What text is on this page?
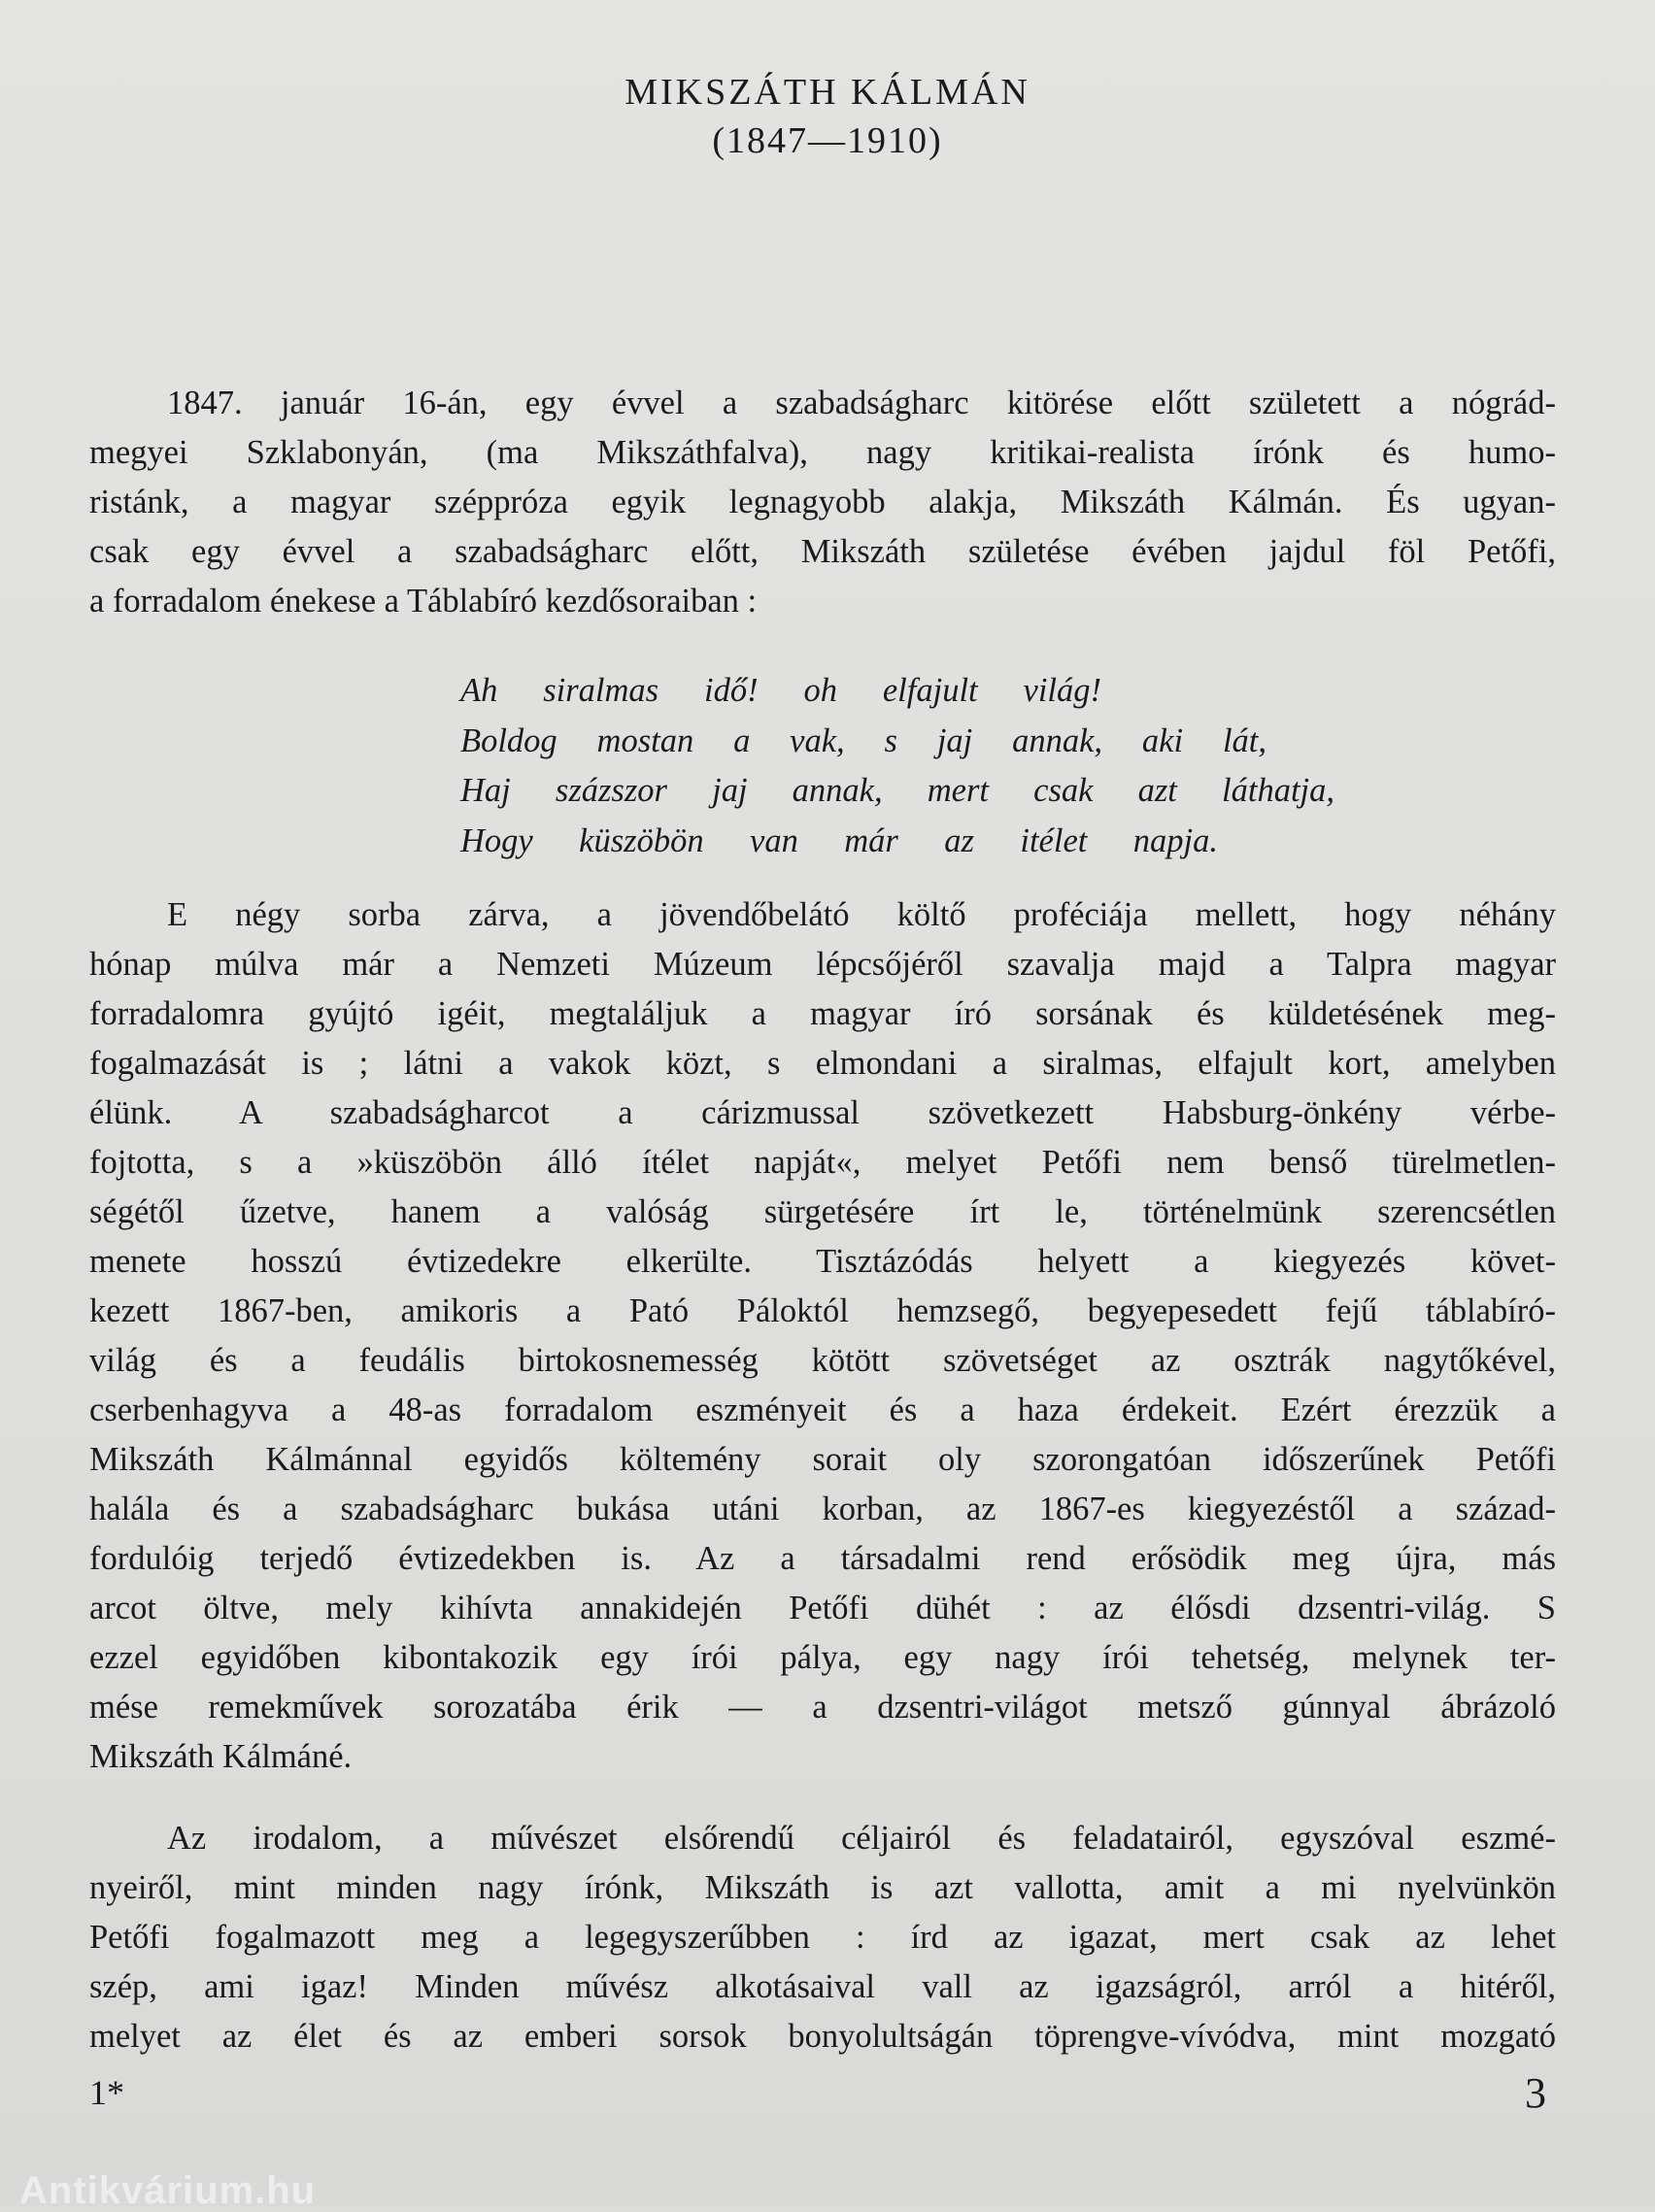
MIKSZÁTH KÁLMÁN
(1847—1910)
1847. január 16-án, egy évvel a szabadságharc kitörése előtt született a nógrád-
megyei Szklabonyán, (ma Mikszáthfalva), nagy kritikai-realista írónk és humo-
ristánk, a magyar széppróza egyik legnagyobb alakja, Mikszáth Kálmán. És ugyan-
csak egy évvel a szabadságharc előtt, Mikszáth születése évében jajdul föl Petőfi,
a forradalom énekese a Táblabíró kezdősoraiban :
Ah siralmas idő! oh elfajult világ!
Boldog mostan a vak, s jaj annak, aki lát,
Haj százszor jaj annak, mert csak azt láthatja,
Hogy küszöbön van már az itélet napja.
E négy sorba zárva, a jövendőbelátó költő proféciája mellett, hogy néhány
hónap múlva már a Nemzeti Múzeum lépcsőjéről szavalja majd a Talpra magyar
forradalomra gyújtó igéit, megtaláljuk a magyar író sorsának és küldetésének meg-
fogalmazását is ; látni a vakok közt, s elmondani a siralmas, elfajult kort, amelyben
élünk. A szabadságharcot a cárizmussal szövetkezett Habsburg-önkény vérbe-
fojtotta, s a »küszöbön álló ítélet napját«, melyet Petőfi nem benső türelmetlen-
ségétől űzetve, hanem a valóság sürgetésére írt le, történelmünk szerencsétlen
menete hosszú évtizedekre elkerülte. Tisztázódás helyett a kiegyezés követ-
kezett 1867-ben, amikoris a Pató Páloktól hemzsegő, begyepesedett fejű táblabíró-
világ és a feudális birtokosnemesség kötött szövetséget az osztrák nagytőkével,
cserbenhagyva a 48-as forradalom eszményeit és a haza érdekeit. Ezért érezzük a
Mikszáth Kálmánnal egyidős költemény sorait oly szorongatóan időszerűnek Petőfi
halála és a szabadságharc bukása utáni korban, az 1867-es kiegyezéstől a század-
fordulóig terjedő évtizedekben is. Az a társadalmi rend erősödik meg újra, más
arcot öltve, mely kihívta annakidején Petőfi dühét : az élősdi dzsentri-világ. S
ezzel egyidőben kibontakozik egy írói pálya, egy nagy írói tehetség, melynek ter-
mése remekművek sorozatába érik — a dzsentri-világot metsző gúnnyal ábrázoló
Mikszáth Kálmáné.
Az irodalom, a művészet elsőrendű céljairól és feladatairól, egyszóval eszmé-
nyeiről, mint minden nagy írónk, Mikszáth is azt vallotta, amit a mi nyelvünkön
Petőfi fogalmazott meg a legegyszerűbben : írd az igazat, mert csak az lehet
szép, ami igaz! Minden művész alkotásaival vall az igazságról, arról a hitéről,
melyet az élet és az emberi sorsok bonyolultságán töprengve-vívódva, mint mozgató
1*	3
Antikvárium.hu
